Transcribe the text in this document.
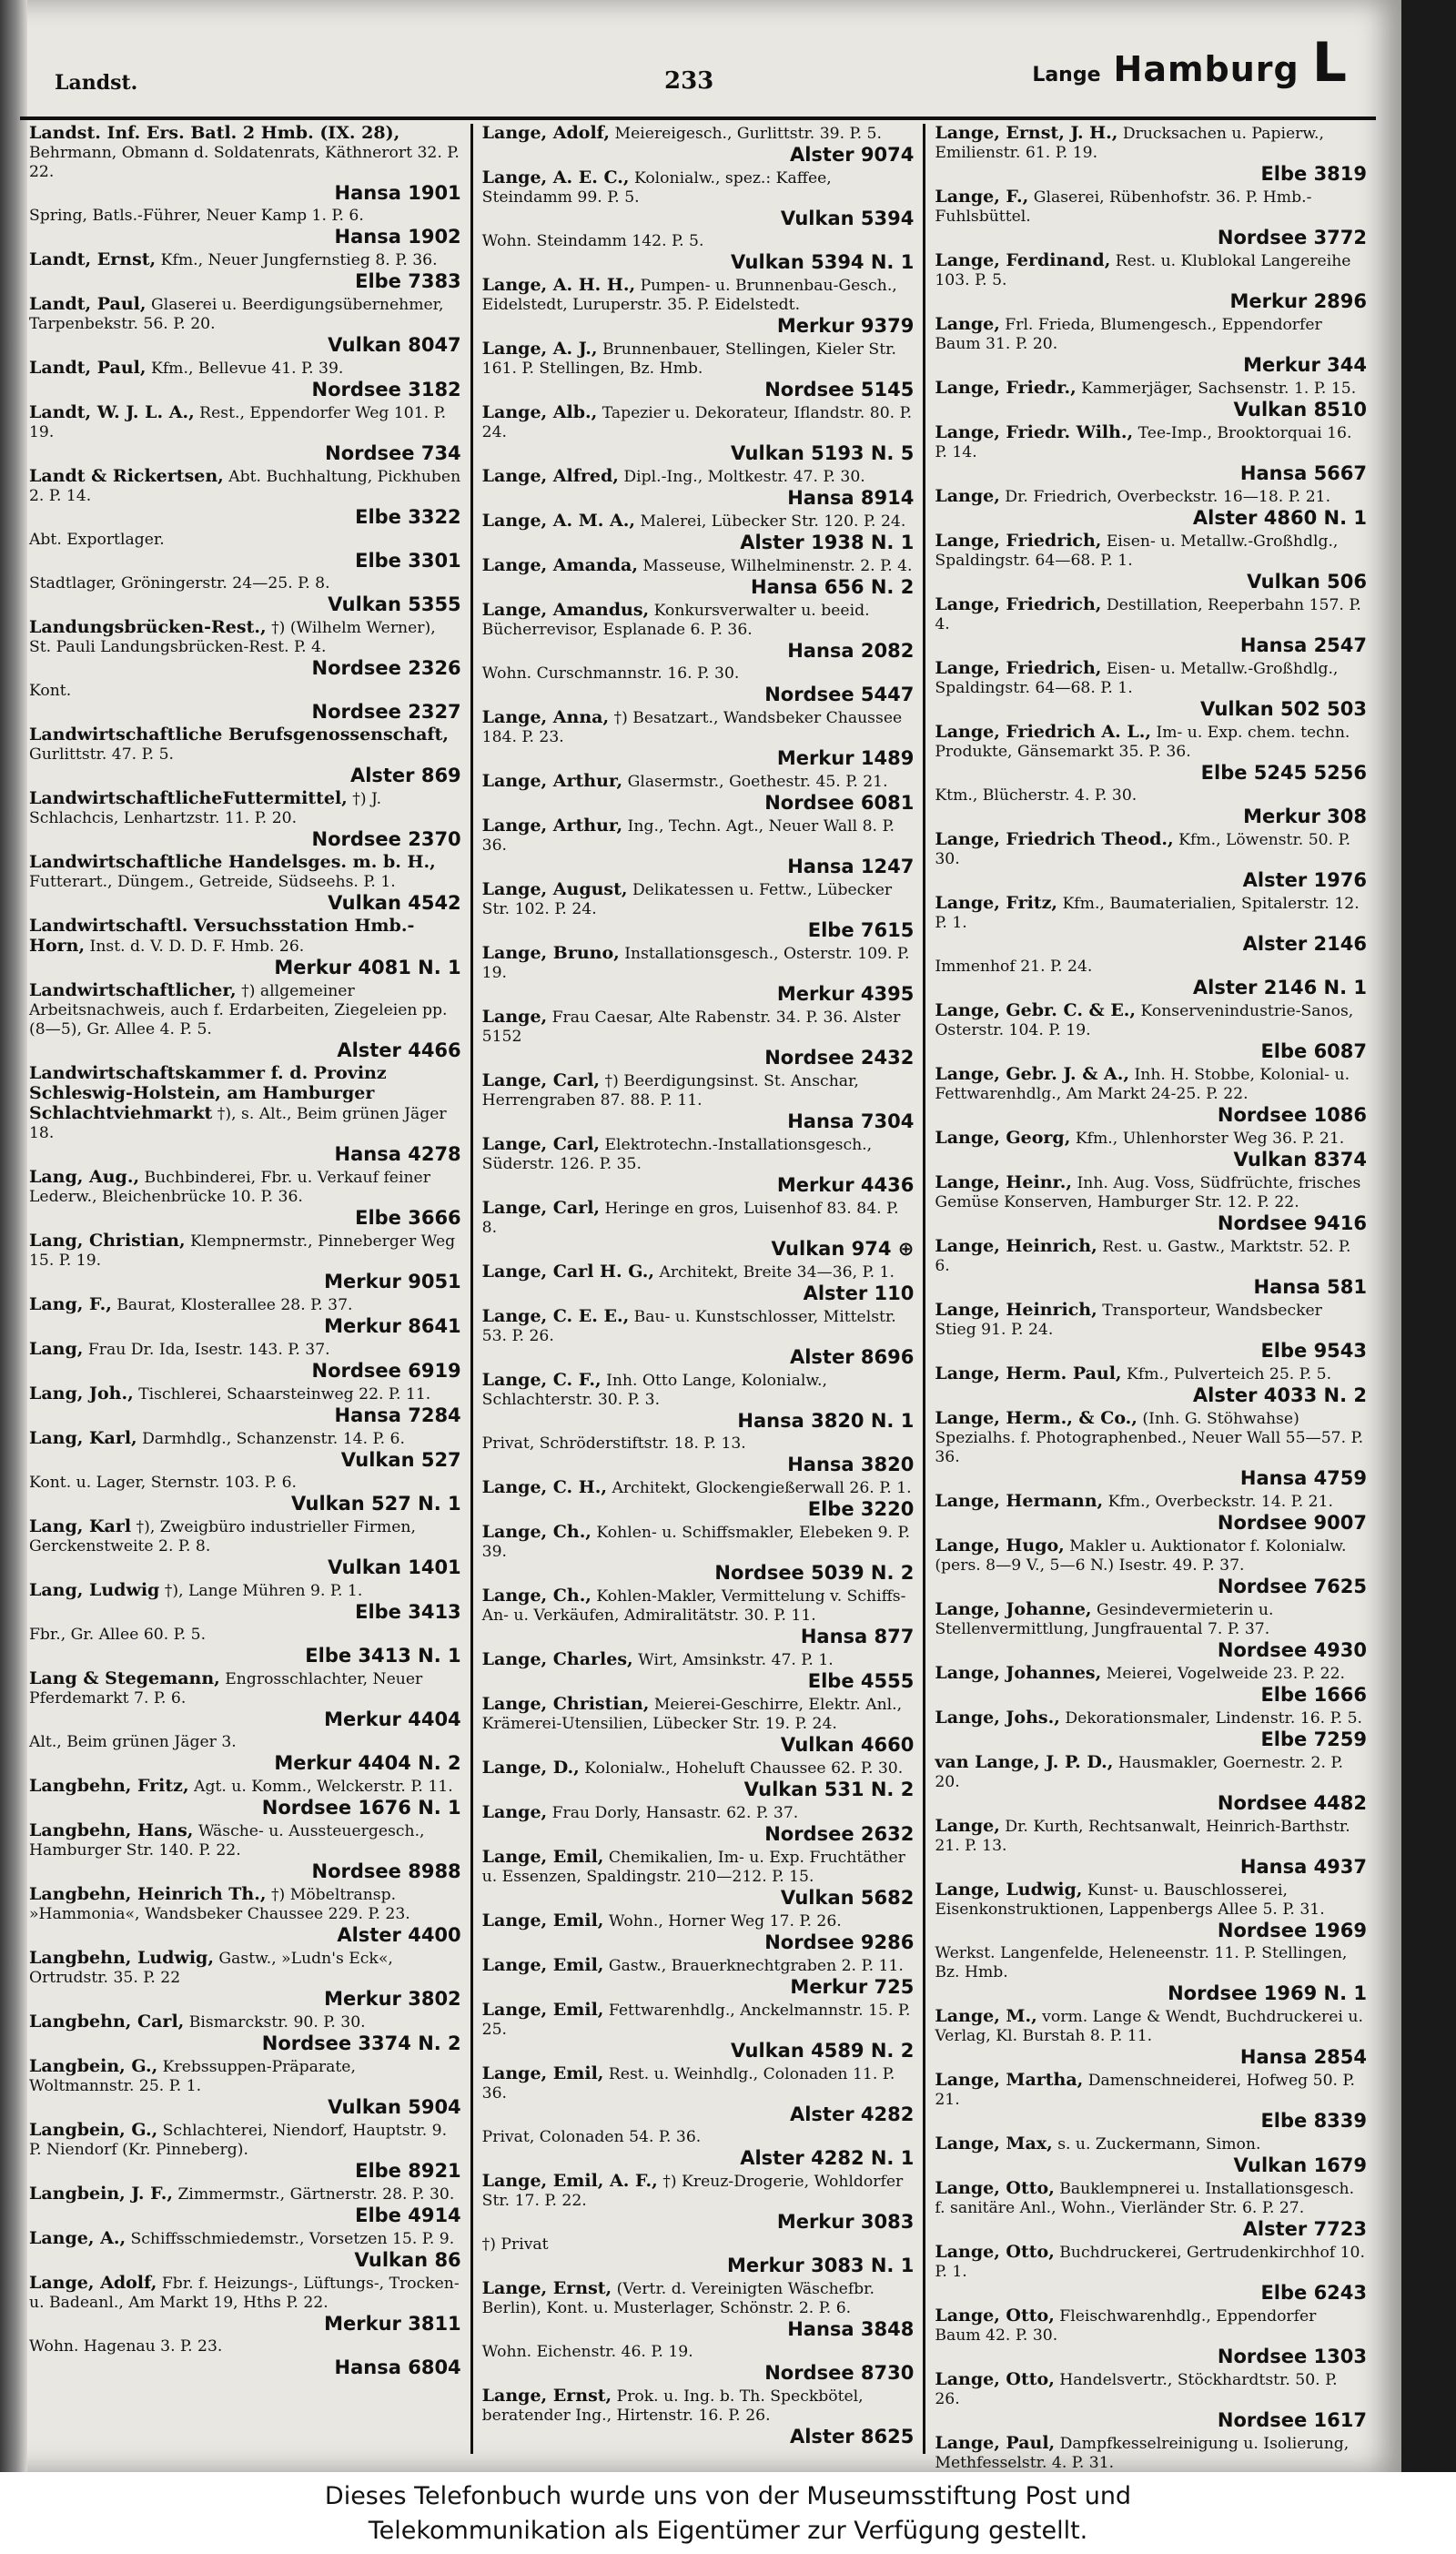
Landst.	233	Lange Hamburg L
Landst. Inf. Ers. Batl. 2 Hmb. (IX. 28), Behrmann, Obmann d. Soldatenrats, Käthnerort 32. P. 22.
Hansa 1901
Spring, Batls.-Führer, Neuer Kamp 1. P. 6.
Hansa 1902
Landt, Ernst, Kfm., Neuer Jungfernstieg 8. P. 36.
Elbe 7383
Landt, Paul, Glaserei u. Beerdigungsübernehmer, Tarpenbekstr. 56. P. 20.
Vulkan 8047
Landt, Paul, Kfm., Bellevue 41. P. 39.
Nordsee 3182
Landt, W. J. L. A., Rest., Eppendorfer Weg 101. P. 19.
Nordsee 734
Landt & Rickertsen, Abt. Buchhaltung, Pickhuben 2. P. 14.
Elbe 3322
Abt. Exportlager.
Elbe 3301
Stadtlager, Gröningerstr. 24—25. P. 8.
Vulkan 5355
Landungsbrücken-Rest., †) (Wilhelm Werner), St. Pauli Landungsbrücken-Rest. P. 4.
Nordsee 2326
Kont.
Nordsee 2327
Landwirtschaftliche Berufsgenossenschaft, Gurlittstr. 47. P. 5.
Alster 869
LandwirtschaftlicheFuttermittel, †) J. Schlachcis, Lenhartzstr. 11. P. 20.
Nordsee 2370
Landwirtschaftliche Handelsges. m. b. H., Futterart., Düngem., Getreide, Südseehs. P. 1.
Vulkan 4542
Landwirtschaftl. Versuchsstation Hmb.-Horn, Inst. d. V. D. D. F. Hmb. 26.
Merkur 4081 N. 1
Landwirtschaftlicher, †) allgemeiner Arbeitsnachweis, auch f. Erdarbeiten, Ziegeleien pp. (8—5), Gr. Allee 4. P. 5.
Alster 4466
Landwirtschaftskammer f. d. Provinz Schleswig-Holstein, am Hamburger Schlachtviehmarkt †), s. Alt., Beim grünen Jäger 18.
Hansa 4278
Lang, Aug., Buchbinderei, Fbr. u. Verkauf feiner Lederw., Bleichenbrücke 10. P. 36.
Elbe 3666
Lang, Christian, Klempnermstr., Pinneberger Weg 15. P. 19.
Merkur 9051
Lang, F., Baurat, Klosterallee 28. P. 37.
Merkur 8641
Lang, Frau Dr. Ida, Isestr. 143. P. 37.
Nordsee 6919
Lang, Joh., Tischlerei, Schaarsteinweg 22. P. 11.
Hansa 7284
Lang, Karl, Darmhdlg., Schanzenstr. 14. P. 6.
Vulkan 527
Kont. u. Lager, Sternstr. 103. P. 6.
Vulkan 527 N. 1
Lang, Karl †), Zweigbüro industrieller Firmen, Gerckenstweite 2. P. 8.
Vulkan 1401
Lang, Ludwig †), Lange Mühren 9. P. 1.
Elbe 3413
Fbr., Gr. Allee 60. P. 5.
Elbe 3413 N. 1
Lang & Stegemann, Engrosschlachter, Neuer Pferdemarkt 7. P. 6.
Merkur 4404
Alt., Beim grünen Jäger 3.
Merkur 4404 N. 2
Langbehn, Fritz, Agt. u. Komm., Welckerstr. P. 11.
Nordsee 1676 N. 1
Langbehn, Hans, Wäsche- u. Aussteuergesch., Hamburger Str. 140. P. 22.
Nordsee 8988
Langbehn, Heinrich Th., †) Möbeltransp. »Hammonia«, Wandsbeker Chaussee 229. P. 23.
Alster 4400
Langbehn, Ludwig, Gastw., »Ludn's Eck«, Ortrudstr. 35. P. 22
Merkur 3802
Langbehn, Carl, Bismarckstr. 90. P. 30.
Nordsee 3374 N. 2
Langbein, G., Krebssuppen-Präparate, Woltmannstr. 25. P. 1.
Vulkan 5904
Langbein, G., Schlachterei, Niendorf, Hauptstr. 9. P. Niendorf (Kr. Pinneberg).
Elbe 8921
Langbein, J. F., Zimmermstr., Gärtnerstr. 28. P. 30.
Elbe 4914
Lange, A., Schiffsschmiedemstr., Vorsetzen 15. P. 9.
Vulkan 86
Lange, Adolf, Fbr. f. Heizungs-, Lüftungs-, Trocken- u. Badeanl., Am Markt 19, Hths P. 22.
Merkur 3811
Wohn. Hagenau 3. P. 23.
Hansa 6804
Lange, Adolf, Meiereigesch., Gurlittstr. 39. P. 5.
Alster 9074
Lange, A. E. C., Kolonialw., spez.: Kaffee, Steindamm 99. P. 5.
Vulkan 5394
Wohn. Steindamm 142. P. 5.
Vulkan 5394 N. 1
Lange, A. H. H., Pumpen- u. Brunnenbau-Gesch., Eidelstedt, Luruperstr. 35. P. Eidelstedt.
Merkur 9379
Lange, A. J., Brunnenbauer, Stellingen, Kieler Str. 161. P. Stellingen, Bz. Hmb.
Nordsee 5145
Lange, Alb., Tapezier u. Dekorateur, Iflandstr. 80. P. 24.
Vulkan 5193 N. 5
Lange, Alfred, Dipl.-Ing., Moltkestr. 47. P. 30.
Hansa 8914
Lange, A. M. A., Malerei, Lübecker Str. 120. P. 24.
Alster 1938 N. 1
Lange, Amanda, Masseuse, Wilhelminenstr. 2. P. 4.
Hansa 656 N. 2
Lange, Amandus, Konkursverwalter u. beeid. Bücherrevisor, Esplanade 6. P. 36.
Hansa 2082
Wohn. Curschmannstr. 16. P. 30.
Nordsee 5447
Lange, Anna, †) Besatzart., Wandsbeker Chaussee 184. P. 23.
Merkur 1489
Lange, Arthur, Glasermstr., Goethestr. 45. P. 21.
Nordsee 6081
Lange, Arthur, Ing., Techn. Agt., Neuer Wall 8. P. 36.
Hansa 1247
Lange, August, Delikatessen u. Fettw., Lübecker Str. 102. P. 24.
Elbe 7615
Lange, Bruno, Installationsgesch., Osterstr. 109. P. 19.
Merkur 4395
Lange, Frau Caesar, Alte Rabenstr. 34. P. 36. Alster 5152
Nordsee 2432
Lange, Carl, †) Beerdigungsinst. St. Anschar, Herrengraben 87. 88. P. 11.
Hansa 7304
Lange, Carl, Elektrotechn.-Installationsgesch., Süderstr. 126. P. 35.
Merkur 4436
Lange, Carl, Heringe en gros, Luisenhof 83. 84. P. 8.
Vulkan 974 ⊕
Lange, Carl H. G., Architekt, Breite 34—36, P. 1.
Alster 110
Lange, C. E. E., Bau- u. Kunstschlosser, Mittelstr. 53. P. 26.
Alster 8696
Lange, C. F., Inh. Otto Lange, Kolonialw., Schlachterstr. 30. P. 3.
Hansa 3820 N. 1
Privat, Schröderstiftstr. 18. P. 13.
Hansa 3820
Lange, C. H., Architekt, Glockengießerwall 26. P. 1.
Elbe 3220
Lange, Ch., Kohlen- u. Schiffsmakler, Elebeken 9. P. 39.
Nordsee 5039 N. 2
Lange, Ch., Kohlen-Makler, Vermittelung v. Schiffs-An- u. Verkäufen, Admiralitätstr. 30. P. 11.
Hansa 877
Lange, Charles, Wirt, Amsinkstr. 47. P. 1.
Elbe 4555
Lange, Christian, Meierei-Geschirre, Elektr. Anl., Krämerei-Utensilien, Lübecker Str. 19. P. 24.
Vulkan 4660
Lange, D., Kolonialw., Hoheluft Chaussee 62. P. 30.
Vulkan 531 N. 2
Lange, Frau Dorly, Hansastr. 62. P. 37.
Nordsee 2632
Lange, Emil, Chemikalien, Im- u. Exp. Fruchtäther u. Essenzen, Spaldingstr. 210—212. P. 15.
Vulkan 5682
Lange, Emil, Wohn., Horner Weg 17. P. 26.
Nordsee 9286
Lange, Emil, Gastw., Brauerknechtgraben 2. P. 11.
Merkur 725
Lange, Emil, Fettwarenhdlg., Anckelmannstr. 15. P. 25.
Vulkan 4589 N. 2
Lange, Emil, Rest. u. Weinhdlg., Colonaden 11. P. 36.
Alster 4282
Privat, Colonaden 54. P. 36.
Alster 4282 N. 1
Lange, Emil, A. F., †) Kreuz-Drogerie, Wohldorfer Str. 17. P. 22.
Merkur 3083
†) Privat
Merkur 3083 N. 1
Lange, Ernst, (Vertr. d. Vereinigten Wäschefbr. Berlin), Kont. u. Musterlager, Schönstr. 2. P. 6.
Hansa 3848
Wohn. Eichenstr. 46. P. 19.
Nordsee 8730
Lange, Ernst, Prok. u. Ing. b. Th. Speckbötel, beratender Ing., Hirtenstr. 16. P. 26.
Alster 8625
Lange, Ernst, J. H., Drucksachen u. Papierw., Emilienstr. 61. P. 19.
Elbe 3819
Lange, F., Glaserei, Rübenhofstr. 36. P. Hmb.-Fuhlsbüttel.
Nordsee 3772
Lange, Ferdinand, Rest. u. Klublokal Langereihe 103. P. 5.
Merkur 2896
Lange, Frl. Frieda, Blumengesch., Eppendorfer Baum 31. P. 20.
Merkur 344
Lange, Friedr., Kammerjäger, Sachsenstr. 1. P. 15.
Vulkan 8510
Lange, Friedr. Wilh., Tee-Imp., Brooktorquai 16. P. 14.
Hansa 5667
Lange, Dr. Friedrich, Overbeckstr. 16—18. P. 21.
Alster 4860 N. 1
Lange, Friedrich, Eisen- u. Metallw.-Großhdlg., Spaldingstr. 64—68. P. 1.
Vulkan 506
Lange, Friedrich, Destillation, Reeperbahn 157. P. 4.
Hansa 2547
Lange, Friedrich, Eisen- u. Metallw.-Großhdlg., Spaldingstr. 64—68. P. 1.
Vulkan 502 503
Lange, Friedrich A. L., Im- u. Exp. chem. techn. Produkte, Gänsemarkt 35. P. 36.
Elbe 5245 5256
Ktm., Blücherstr. 4. P. 30.
Merkur 308
Lange, Friedrich Theod., Kfm., Löwenstr. 50. P. 30.
Alster 1976
Lange, Fritz, Kfm., Baumaterialien, Spitalerstr. 12. P. 1.
Alster 2146
Immenhof 21. P. 24.
Alster 2146 N. 1
Lange, Gebr. C. & E., Konservenindustrie-Sanos, Osterstr. 104. P. 19.
Elbe 6087
Lange, Gebr. J. & A., Inh. H. Stobbe, Kolonial- u. Fettwarenhdlg., Am Markt 24-25. P. 22.
Nordsee 1086
Lange, Georg, Kfm., Uhlenhorster Weg 36. P. 21.
Vulkan 8374
Lange, Heinr., Inh. Aug. Voss, Südfrüchte, frisches Gemüse Konserven, Hamburger Str. 12. P. 22.
Nordsee 9416
Lange, Heinrich, Rest. u. Gastw., Marktstr. 52. P. 6.
Hansa 581
Lange, Heinrich, Transporteur, Wandsbecker Stieg 91. P. 24.
Elbe 9543
Lange, Herm. Paul, Kfm., Pulverteich 25. P. 5.
Alster 4033 N. 2
Lange, Herm., & Co., (Inh. G. Stöhwahse) Spezialhs. f. Photographenbed., Neuer Wall 55—57. P. 36.
Hansa 4759
Lange, Hermann, Kfm., Overbeckstr. 14. P. 21.
Nordsee 9007
Lange, Hugo, Makler u. Auktionator f. Kolonialw. (pers. 8—9 V., 5—6 N.) Isestr. 49. P. 37.
Nordsee 7625
Lange, Johanne, Gesindevermieterin u. Stellenvermittlung, Jungfrauental 7. P. 37.
Nordsee 4930
Lange, Johannes, Meierei, Vogelweide 23. P. 22.
Elbe 1666
Lange, Johs., Dekorationsmaler, Lindenstr. 16. P. 5.
Elbe 7259
van Lange, J. P. D., Hausmakler, Goernestr. 2. P. 20.
Nordsee 4482
Lange, Dr. Kurth, Rechtsanwalt, Heinrich-Barthstr. 21. P. 13.
Hansa 4937
Lange, Ludwig, Kunst- u. Bauschlosserei, Eisenkonstruktionen, Lappenbergs Allee 5. P. 31.
Nordsee 1969
Werkst. Langenfelde, Heleneenstr. 11. P. Stellingen, Bz. Hmb.
Nordsee 1969 N. 1
Lange, M., vorm. Lange & Wendt, Buchdruckerei u. Verlag, Kl. Burstah 8. P. 11.
Hansa 2854
Lange, Martha, Damenschneiderei, Hofweg 50. P. 21.
Elbe 8339
Lange, Max, s. u. Zuckermann, Simon.
Vulkan 1679
Lange, Otto, Bauklempnerei u. Installationsgesch. f. sanitäre Anl., Wohn., Vierländer Str. 6. P. 27.
Alster 7723
Lange, Otto, Buchdruckerei, Gertrudenkirchhof 10. P. 1.
Elbe 6243
Lange, Otto, Fleischwarenhdlg., Eppendorfer Baum 42. P. 30.
Nordsee 1303
Lange, Otto, Handelsvertr., Stöckhardtstr. 50. P. 26.
Nordsee 1617
Lange, Paul, Dampfkesselreinigung u. Isolierung, Methfesselstr. 4. P. 31.
Dieses Telefonbuch wurde uns von der Museumsstiftung Post und
Telekommunikation als Eigentümer zur Verfügung gestellt.
